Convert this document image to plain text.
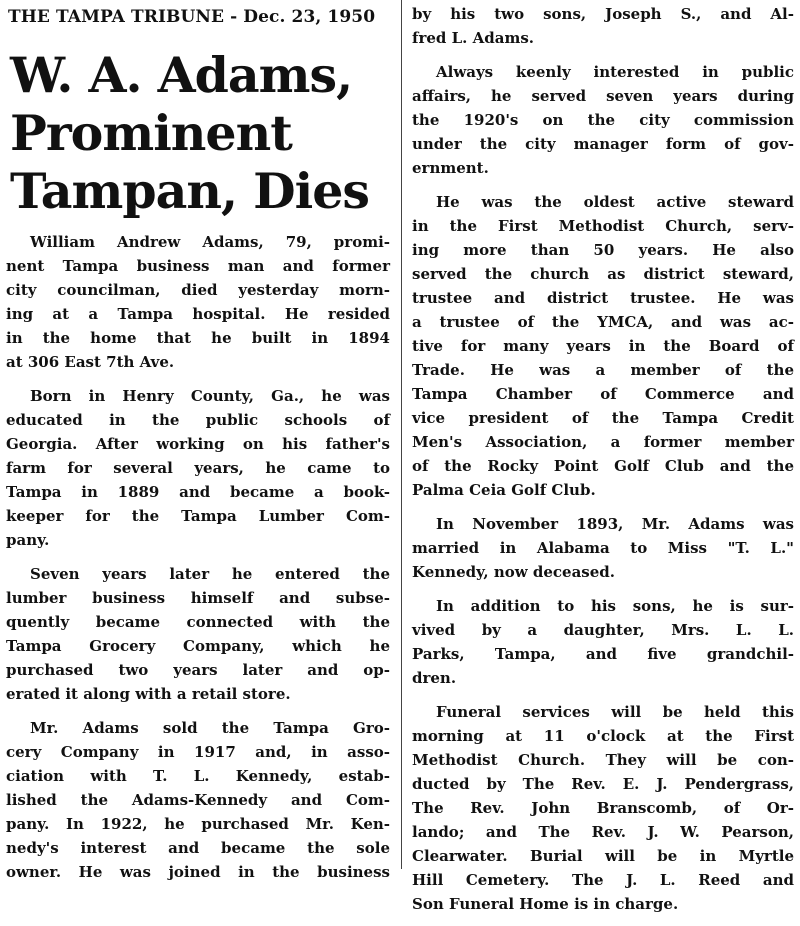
THE TAMPA TRIBUNE - Dec. 23, 1950
W. A. Adams,
Prominent
Tampan, Dies

William Andrew Adams, 79, promi-
nent Tampa business man and former
city councilman, died yesterday morn-
ing at a Tampa hospital. He resided
in the home that he built in 1894
at 306 East 7th Ave.

Born in Henry County, Ga., he was
educated in the public schools of
Georgia. After working on his father's
farm for several years, he came to
Tampa in 1889 and became a book-
keeper for the Tampa Lumber Com-
pany.

Seven years later he entered the
lumber business himself and subse-
quently became connected with the
Tampa Grocery Company, which he
purchased two years later and op-
erated it along with a retail store.

Mr. Adams sold the Tampa Gro-
cery Company in 1917 and, in asso-
ciation with T. L. Kennedy, estab-
lished the Adams-Kennedy and Com-
pany. In 1922, he purchased Mr. Ken-
nedy's interest and became the sole
owner. He was joined in the business

by his two sons, Joseph S., and Al-
fred L. Adams.

Always keenly interested in public
affairs, he served seven years during
the 1920's on the city commission
under the city manager form of gov-
ernment.

He was the oldest active steward
in the First Methodist Church, serv-
ing more than 50 years. He also
served the church as district steward,
trustee and district trustee. He was
a trustee of the YMCA, and was ac-
tive for many years in the Board of
Trade. He was a member of the
Tampa Chamber of Commerce and
vice president of the Tampa Credit
Men's Association, a former member
of the Rocky Point Golf Club and the
Palma Ceia Golf Club.

In November 1893, Mr. Adams was
married in Alabama to Miss "T. L."
Kennedy, now deceased.

In addition to his sons, he is sur-
vived by a daughter, Mrs. L. L.
Parks, Tampa, and five grandchil-
dren.

Funeral services will be held this
morning at 11 o'clock at the First
Methodist Church. They will be con-
ducted by The Rev. E. J. Pendergrass,
The Rev. John Branscomb, of Or-
lando; and The Rev. J. W. Pearson,
Clearwater. Burial will be in Myrtle
Hill Cemetery. The J. L. Reed and
Son Funeral Home is in charge.
